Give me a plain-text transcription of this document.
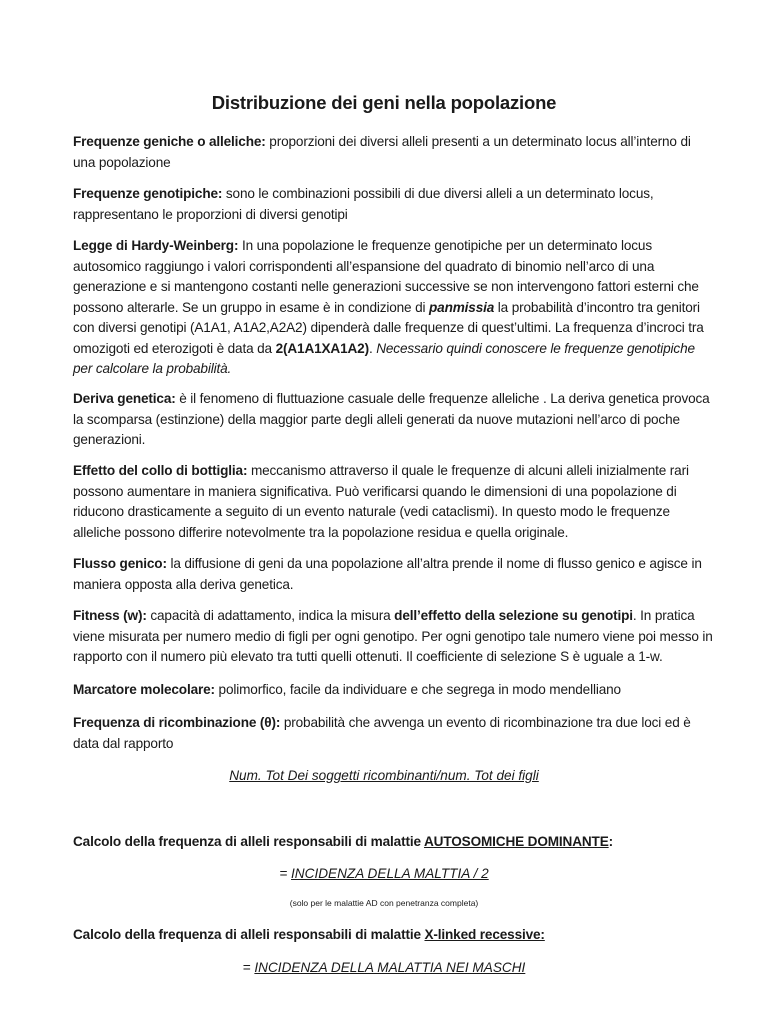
Distribuzione dei geni nella popolazione

Frequenze geniche o alleliche: proporzioni dei diversi alleli presenti a un determinato locus all’interno di una popolazione

Frequenze genotipiche: sono le combinazioni possibili di due diversi alleli a un determinato locus, rappresentano le proporzioni di diversi genotipi

Legge di Hardy-Weinberg: In una popolazione le frequenze genotipiche per un determinato locus autosomico raggiungo i valori corrispondenti all’espansione del quadrato di binomio nell’arco di una generazione e si mantengono costanti nelle generazioni successive se non intervengono fattori esterni che possono alterarle. Se un gruppo in esame è in condizione di panmissia la probabilità d’incontro tra genitori con diversi genotipi (A1A1, A1A2,A2A2) dipenderà dalle frequenze di quest’ultimi. La frequenza d’incroci tra omozigoti ed eterozigoti è data da 2(A1A1XA1A2). Necessario quindi conoscere le frequenze genotipiche per calcolare la probabilità.

Deriva genetica: è il fenomeno di fluttuazione casuale delle frequenze alleliche . La deriva genetica provoca la scomparsa (estinzione) della maggior parte degli alleli generati da nuove mutazioni nell’arco di poche generazioni.

Effetto del collo di bottiglia: meccanismo attraverso il quale le frequenze di alcuni alleli inizialmente rari possono aumentare in maniera significativa. Può verificarsi quando le dimensioni di una popolazione di riducono drasticamente a seguito di un evento naturale (vedi cataclismi). In questo modo le frequenze alleliche possono differire notevolmente tra la popolazione residua e quella originale.

Flusso genico: la diffusione di geni da una popolazione all’altra prende il nome di flusso genico e agisce in maniera opposta alla deriva genetica.

Fitness (w): capacità di adattamento, indica la misura dell’effetto della selezione su genotipi. In pratica viene misurata per numero medio di figli per ogni genotipo. Per ogni genotipo tale numero viene poi messo in rapporto con il numero più elevato tra tutti quelli ottenuti. Il coefficiente di selezione S è uguale a 1-w.

Marcatore molecolare: polimorfico, facile da individuare e che segrega in modo mendelliano

Frequenza di ricombinazione (θ): probabilità che avvenga un evento di ricombinazione tra due loci ed è data dal rapporto

Num. Tot Dei soggetti ricombinanti/num. Tot dei figli

Calcolo della frequenza di alleli responsabili di malattie AUTOSOMICHE DOMINANTE:

= INCIDENZA DELLA MALTTIA / 2

(solo per le malattie AD con penetranza completa)

Calcolo della frequenza di alleli responsabili di malattie X-linked recessive:

= INCIDENZA DELLA MALATTIA NEI MASCHI
